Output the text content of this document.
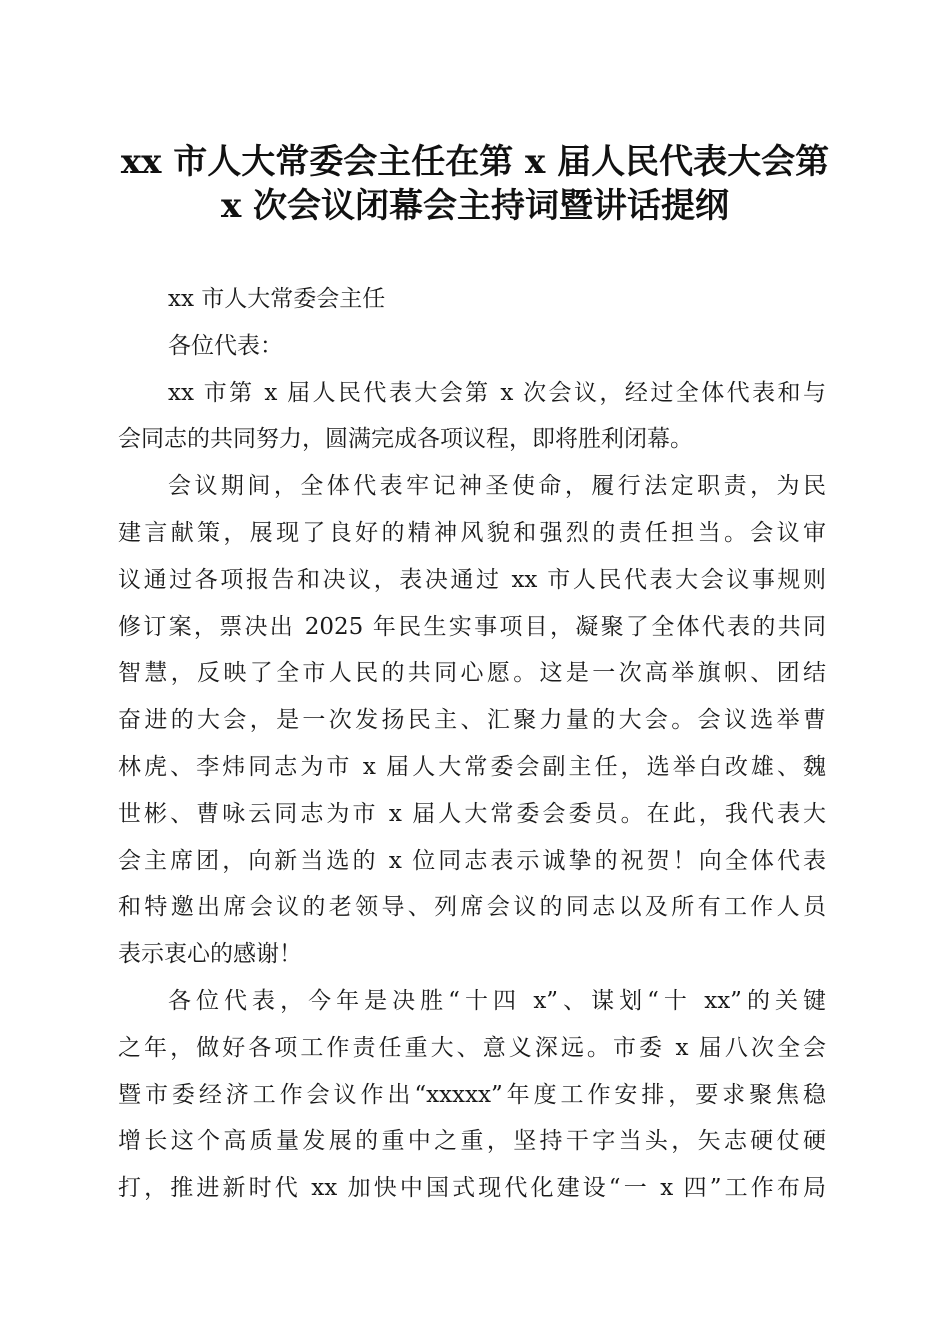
xx 市人大常委会主任在第 x 届人民代表大会第
x 次会议闭幕会主持词暨讲话提纲
xx 市人大常委会主任
各位代表：
xx 市第 x 届人民代表大会第 x 次会议，经过全体代表和与
会同志的共同努力，圆满完成各项议程，即将胜利闭幕。
会议期间，全体代表牢记神圣使命，履行法定职责，为民
建言献策，展现了良好的精神风貌和强烈的责任担当。会议审
议通过各项报告和决议，表决通过 xx 市人民代表大会议事规则
修订案，票决出 2025 年民生实事项目，凝聚了全体代表的共同
智慧，反映了全市人民的共同心愿。这是一次高举旗帜、团结
奋进的大会，是一次发扬民主、汇聚力量的大会。会议选举曹
林虎、李炜同志为市 x 届人大常委会副主任，选举白改雄、魏
世彬、曹咏云同志为市 x 届人大常委会委员。在此，我代表大
会主席团，向新当选的 x 位同志表示诚挚的祝贺！向全体代表
和特邀出席会议的老领导、列席会议的同志以及所有工作人员
表示衷心的感谢！
各位代表，今年是决胜“十四 x”、谋划“十 xx”的关键
之年，做好各项工作责任重大、意义深远。市委 x 届八次全会
暨市委经济工作会议作出“xxxxx”年度工作安排，要求聚焦稳
增长这个高质量发展的重中之重，坚持干字当头，矢志硬仗硬
打，推进新时代 xx 加快中国式现代化建设“一 x 四”工作布局
